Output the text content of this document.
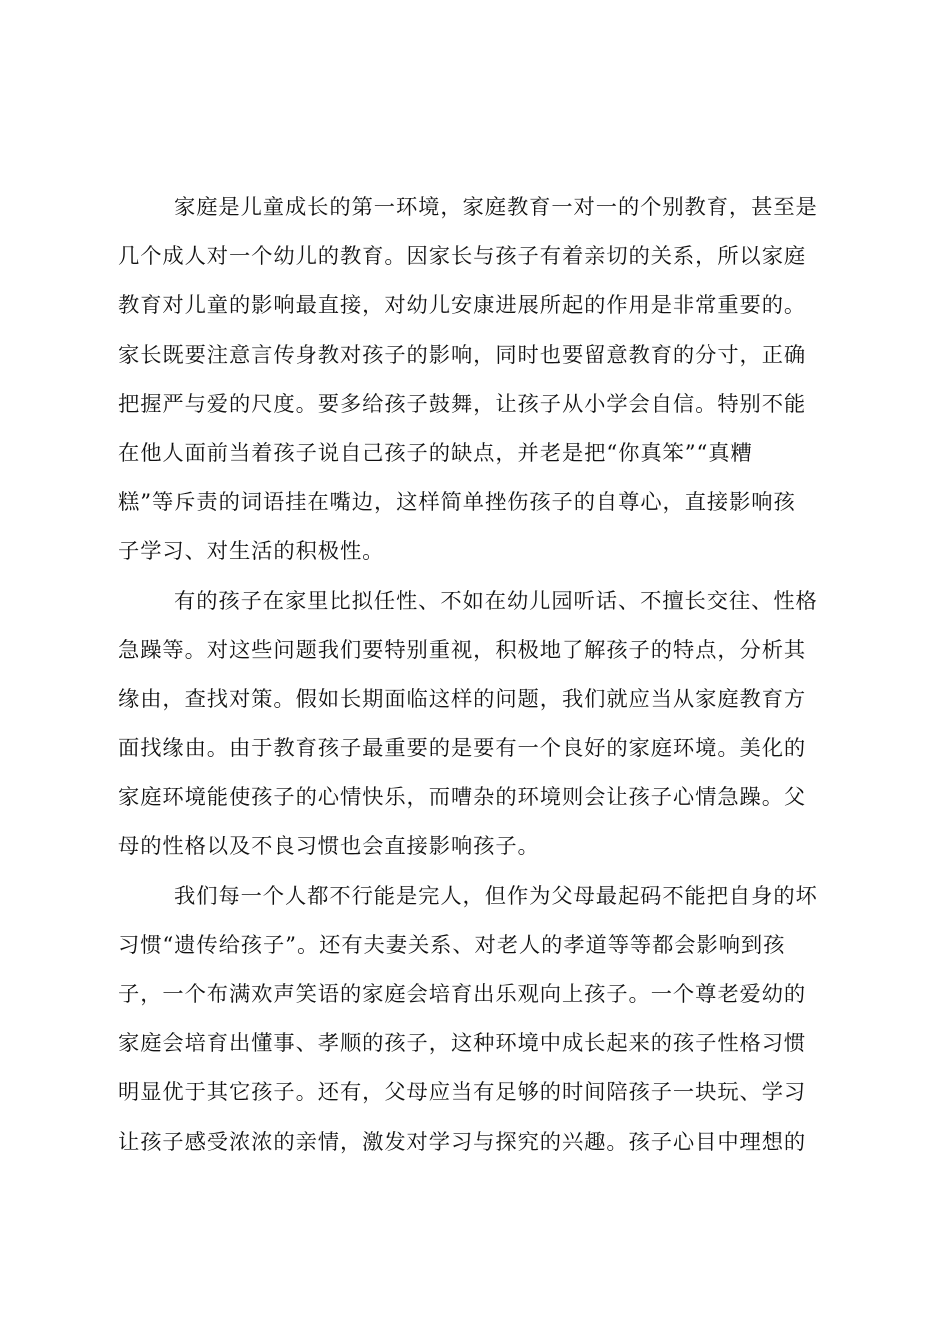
家庭是儿童成长的第一环境，家庭教育一对一的个别教育，甚至是
几个成人对一个幼儿的教育。因家长与孩子有着亲切的关系，所以家庭
教育对儿童的影响最直接，对幼儿安康进展所起的作用是非常重要的。
家长既要注意言传身教对孩子的影响，同时也要留意教育的分寸，正确
把握严与爱的尺度。要多给孩子鼓舞，让孩子从小学会自信。特别不能
在他人面前当着孩子说自己孩子的缺点，并老是把“你真笨”“真糟
糕”等斥责的词语挂在嘴边，这样简单挫伤孩子的自尊心，直接影响孩
子学习、对生活的积极性。
有的孩子在家里比拟任性、不如在幼儿园听话、不擅长交往、性格
急躁等。对这些问题我们要特别重视，积极地了解孩子的特点，分析其
缘由，查找对策。假如长期面临这样的问题，我们就应当从家庭教育方
面找缘由。由于教育孩子最重要的是要有一个良好的家庭环境。美化的
家庭环境能使孩子的心情快乐，而嘈杂的环境则会让孩子心情急躁。父
母的性格以及不良习惯也会直接影响孩子。
我们每一个人都不行能是完人，但作为父母最起码不能把自身的坏
习惯“遗传给孩子”。还有夫妻关系、对老人的孝道等等都会影响到孩
子，一个布满欢声笑语的家庭会培育出乐观向上孩子。一个尊老爱幼的
家庭会培育出懂事、孝顺的孩子，这种环境中成长起来的孩子性格习惯
明显优于其它孩子。还有，父母应当有足够的时间陪孩子一块玩、学习
让孩子感受浓浓的亲情，激发对学习与探究的兴趣。孩子心目中理想的
